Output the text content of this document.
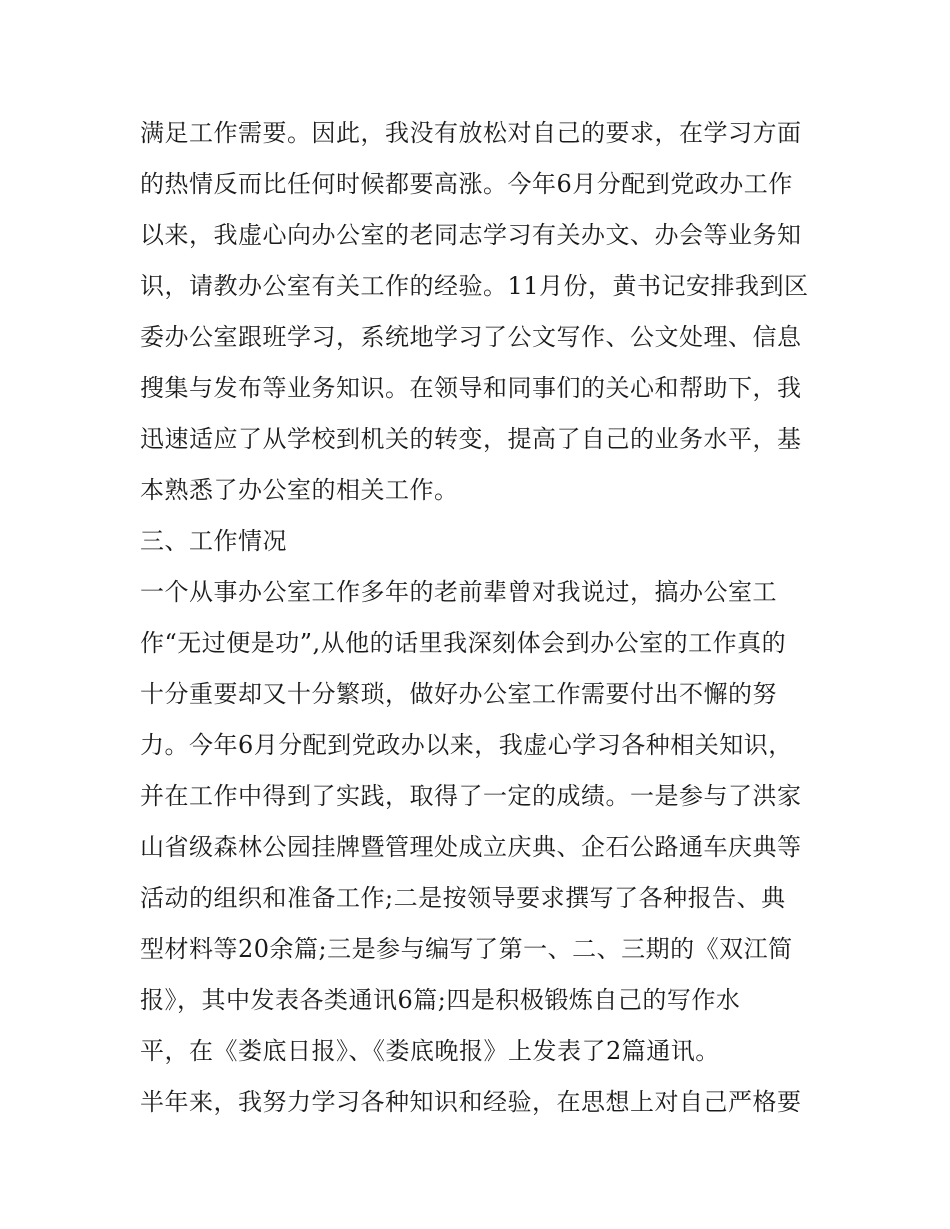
满足工作需要。因此，我没有放松对自己的要求，在学习方面
的热情反而比任何时候都要高涨。今年6月分配到党政办工作
以来，我虚心向办公室的老同志学习有关办文、办会等业务知
识，请教办公室有关工作的经验。11月份，黄书记安排我到区
委办公室跟班学习，系统地学习了公文写作、公文处理、信息
搜集与发布等业务知识。在领导和同事们的关心和帮助下，我
迅速适应了从学校到机关的转变，提高了自己的业务水平，基
本熟悉了办公室的相关工作。
三、工作情况
一个从事办公室工作多年的老前辈曾对我说过，搞办公室工
作“无过便是功”,从他的话里我深刻体会到办公室的工作真的
十分重要却又十分繁琐，做好办公室工作需要付出不懈的努
力。今年6月分配到党政办以来，我虚心学习各种相关知识，
并在工作中得到了实践，取得了一定的成绩。一是参与了洪家
山省级森林公园挂牌暨管理处成立庆典、企石公路通车庆典等
活动的组织和准备工作;二是按领导要求撰写了各种报告、典
型材料等20余篇;三是参与编写了第一、二、三期的《双江简
报》，其中发表各类通讯6篇;四是积极锻炼自己的写作水
平，在《娄底日报》、《娄底晚报》上发表了2篇通讯。
半年来，我努力学习各种知识和经验，在思想上对自己严格要
